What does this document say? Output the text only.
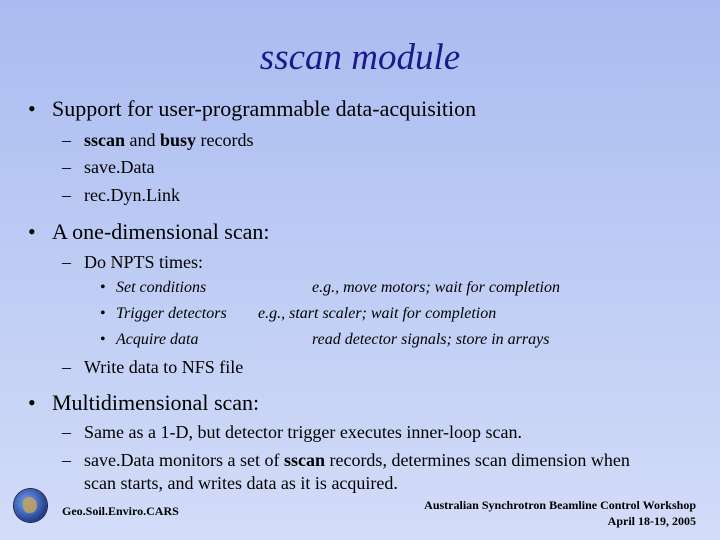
sscan module
• Support for user-programmable data-acquisition
– sscan and busy records
– save.Data
– rec.Dyn.Link
• A one-dimensional scan:
– Do NPTS times:
• Set conditions	e.g., move motors; wait for completion
• Trigger detectors e.g., start scaler; wait for completion
• Acquire data	read detector signals; store in arrays
– Write data to NFS file
• Multidimensional scan:
– Same as a 1-D, but detector trigger executes inner-loop scan.
– save.Data monitors a set of sscan records, determines scan dimension when
scan starts, and writes data as it is acquired.
Geo.Soil.Enviro.CARS	Australian Synchrotron Beamline Control Workshop
April 18-19, 2005
